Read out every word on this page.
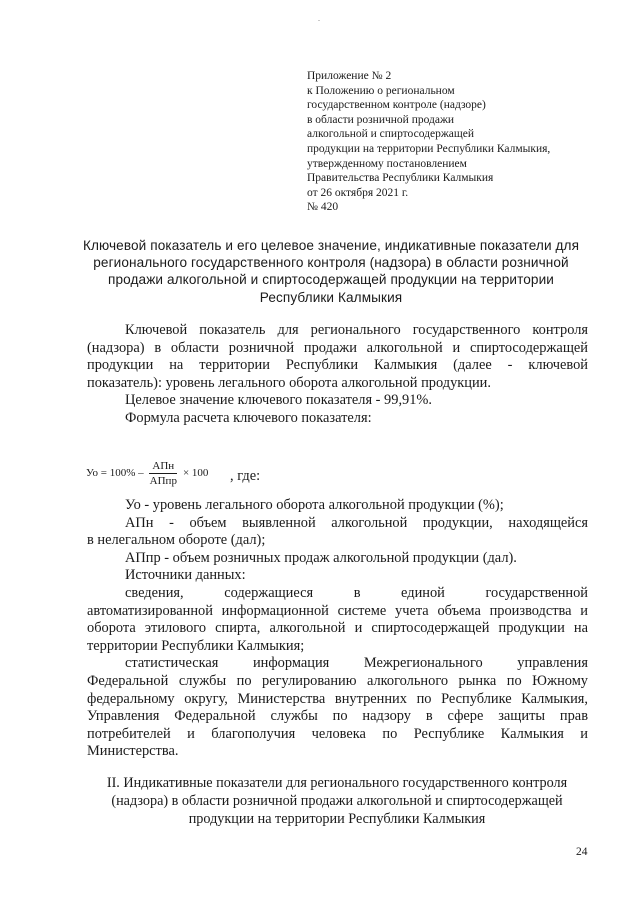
.
Приложение № 2
к Положению о региональном
государственном контроле (надзоре)
в области розничной продажи
алкогольной и спиртосодержащей
продукции на территории Республики Калмыкия,
утвержденному постановлением
Правительства Республики Калмыкия
от 26 октября 2021 г.
№ 420
Ключевой показатель и его целевое значение, индикативные показатели для
регионального государственного контроля (надзора) в области розничной
продажи алкогольной и спиртосодержащей продукции на территории
Республики Калмыкия
Ключевой показатель для регионального государственного контроля
(надзора) в области розничной продажи алкогольной и спиртосодержащей
продукции на территории Республики Калмыкия (далее - ключевой
показатель): уровень легального оборота алкогольной продукции.
Целевое значение ключевого показателя - 99,91%.
Формула расчета ключевого показателя:
Уо = $100\% - \frac{\text{АПн}}{\text{АПпр}} \times 100$ , где:
Уо - уровень легального оборота алкогольной продукции (%);
АПн - объем выявленной алкогольной продукции, находящейся
в нелегальном обороте (дал);
АПпр - объем розничных продаж алкогольной продукции (дал).
Источники данных:
сведения, содержащиеся в единой государственной
автоматизированной информационной системе учета объема производства и
оборота этилового спирта, алкогольной и спиртосодержащей продукции на
территории Республики Калмыкия;
статистическая информация Межрегионального управления
Федеральной службы по регулированию алкогольного рынка по Южному
федеральному округу, Министерства внутренних по Республике Калмыкия,
Управления Федеральной службы по надзору в сфере защиты прав
потребителей и благополучия человека по Республике Калмыкия и
Министерства.
II. Индикативные показатели для регионального государственного контроля
(надзора) в области розничной продажи алкогольной и спиртосодержащей
продукции на территории Республики Калмыкия
24
